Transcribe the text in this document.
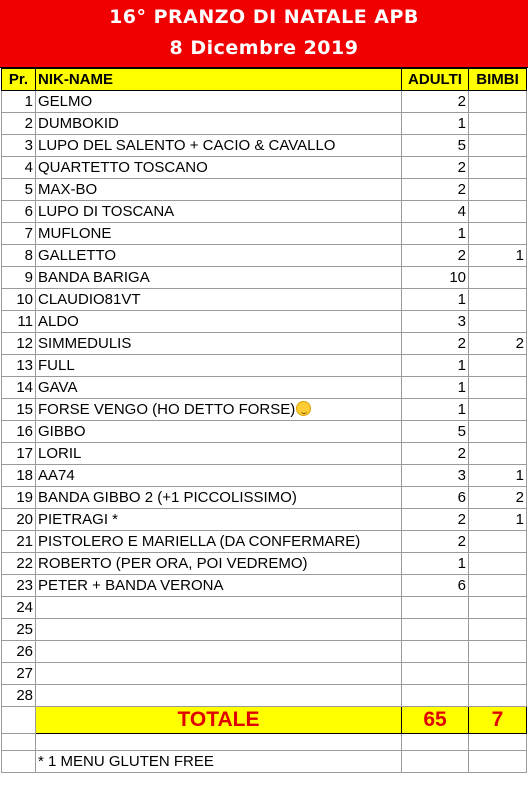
16° PRANZO DI NATALE APB
8 Dicembre 2019
Pr.	NIK-NAME	ADULTI	BIMBI
1	GELMO	2	
2	DUMBOKID	1	
3	LUPO DEL SALENTO + CACIO & CAVALLO	5	
4	QUARTETTO TOSCANO	2	
5	MAX-BO	2	
6	LUPO DI TOSCANA	4	
7	MUFLONE	1	
8	GALLETTO	2	1
9	BANDA BARIGA	10	
10	CLAUDIO81VT	1	
11	ALDO	3	
12	SIMMEDULIS	2	2
13	FULL	1	
14	GAVA	1	
15	FORSE VENGO (HO DETTO FORSE)	1	
16	GIBBO	5	
17	LORIL	2	
18	AA74	3	1
19	BANDA GIBBO 2 (+1 PICCOLISSIMO)	6	2
20	PIETRAGI *	2	1
21	PISTOLERO E MARIELLA (DA CONFERMARE)	2	
22	ROBERTO (PER ORA, POI VEDREMO)	1	
23	PETER + BANDA VERONA	6	
24			
25			
26			
27			
28			
	TOTALE	65	7

	* 1 MENU GLUTEN FREE		
